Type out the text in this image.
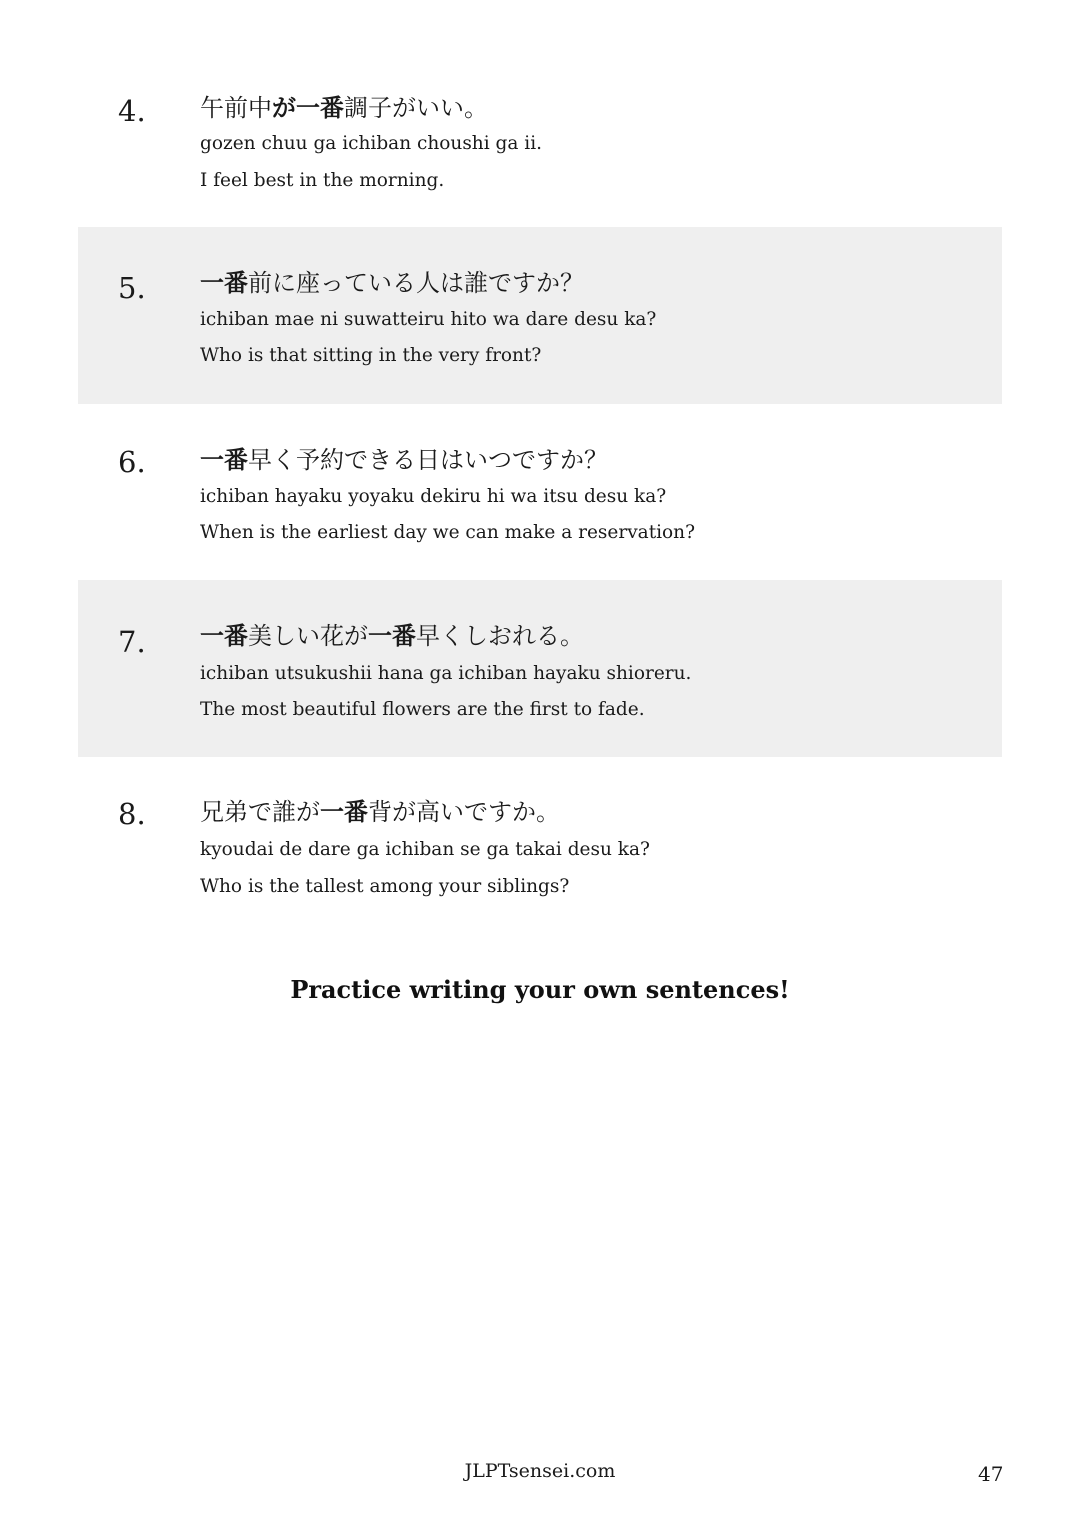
4. 午前中が一番調子がいい。
gozen chuu ga ichiban choushi ga ii.
I feel best in the morning.
5. 一番前に座っている人は誰ですか？
ichiban mae ni suwatteiru hito wa dare desu ka?
Who is that sitting in the very front?
6. 一番早く予約できる日はいつですか？
ichiban hayaku yoyaku dekiru hi wa itsu desu ka?
When is the earliest day we can make a reservation?
7. 一番美しい花が一番早くしおれる。
ichiban utsukushii hana ga ichiban hayaku shioreru.
The most beautiful flowers are the first to fade.
8. 兄弟で誰が一番背が高いですか。
kyoudai de dare ga ichiban se ga takai desu ka?
Who is the tallest among your siblings?
Practice writing your own sentences!
JLPTsensei.com	47
